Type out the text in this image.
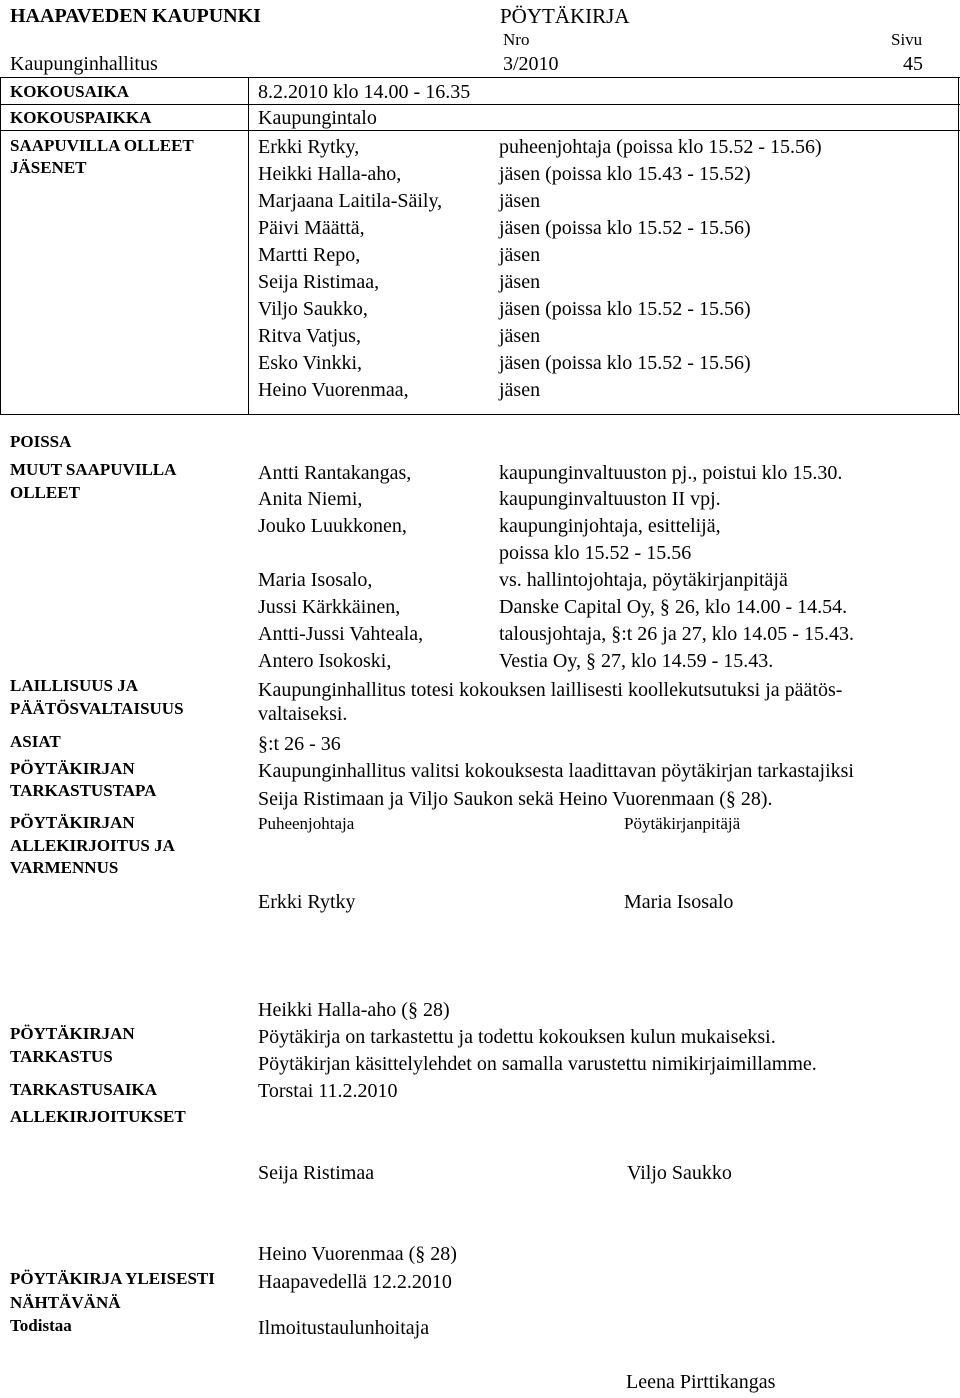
HAAPAVEDEN KAUPUNKI	PÖYTÄKIRJA
Nro	Sivu
Kaupunginhallitus	3/2010	45
KOKOUSAIKA	8.2.2010 klo 14.00 - 16.35
KOKOUSPAIKKA	Kaupungintalo
SAAPUVILLA OLLEET
JÄSENET
Erkki Rytky,	puheenjohtaja (poissa klo 15.52 - 15.56)
Heikki Halla-aho,	jäsen (poissa klo 15.43 - 15.52)
Marjaana Laitila-Säily,	jäsen
Päivi Määttä,	jäsen (poissa klo 15.52 - 15.56)
Martti Repo,	jäsen
Seija Ristimaa,	jäsen
Viljo Saukko,	jäsen (poissa klo 15.52 - 15.56)
Ritva Vatjus,	jäsen
Esko Vinkki,	jäsen (poissa klo 15.52 - 15.56)
Heino Vuorenmaa,	jäsen
POISSA
MUUT SAAPUVILLA
OLLEET
Antti Rantakangas,	kaupunginvaltuuston pj., poistui klo 15.30.
Anita Niemi,	kaupunginvaltuuston II vpj.
Jouko Luukkonen,	kaupunginjohtaja, esittelijä,
poissa klo 15.52 - 15.56
Maria Isosalo,	vs. hallintojohtaja, pöytäkirjanpitäjä
Jussi Kärkkäinen,	Danske Capital Oy, § 26, klo 14.00 - 14.54.
Antti-Jussi Vahteala,	talousjohtaja, §:t 26 ja 27, klo 14.05 - 15.43.
Antero Isokoski,	Vestia Oy, § 27, klo 14.59 - 15.43.
LAILLISUUS JA
PÄÄTÖSVALTAISUUS
Kaupunginhallitus totesi kokouksen laillisesti koollekutsutuksi ja päätös-
valtaiseksi.
ASIAT	§:t 26 - 36
PÖYTÄKIRJAN
TARKASTUSTAPA
Kaupunginhallitus valitsi kokouksesta laadittavan pöytäkirjan tarkastajiksi
Seija Ristimaan ja Viljo Saukon sekä Heino Vuorenmaan (§ 28).
PÖYTÄKIRJAN
ALLEKIRJOITUS JA
VARMENNUS
Puheenjohtaja	Pöytäkirjanpitäjä
Erkki Rytky	Maria Isosalo
Heikki Halla-aho (§ 28)
PÖYTÄKIRJAN
TARKASTUS
Pöytäkirja on tarkastettu ja todettu kokouksen kulun mukaiseksi.
Pöytäkirjan käsittelylehdet on samalla varustettu nimikirjaimillamme.
TARKASTUSAIKA	Torstai 11.2.2010
ALLEKIRJOITUKSET
Seija Ristimaa	Viljo Saukko
Heino Vuorenmaa (§ 28)
PÖYTÄKIRJA YLEISESTI
NÄHTÄVÄNÄ
Haapavedellä 12.2.2010
Todistaa	Ilmoitustaulunhoitaja
Leena Pirttikangas
